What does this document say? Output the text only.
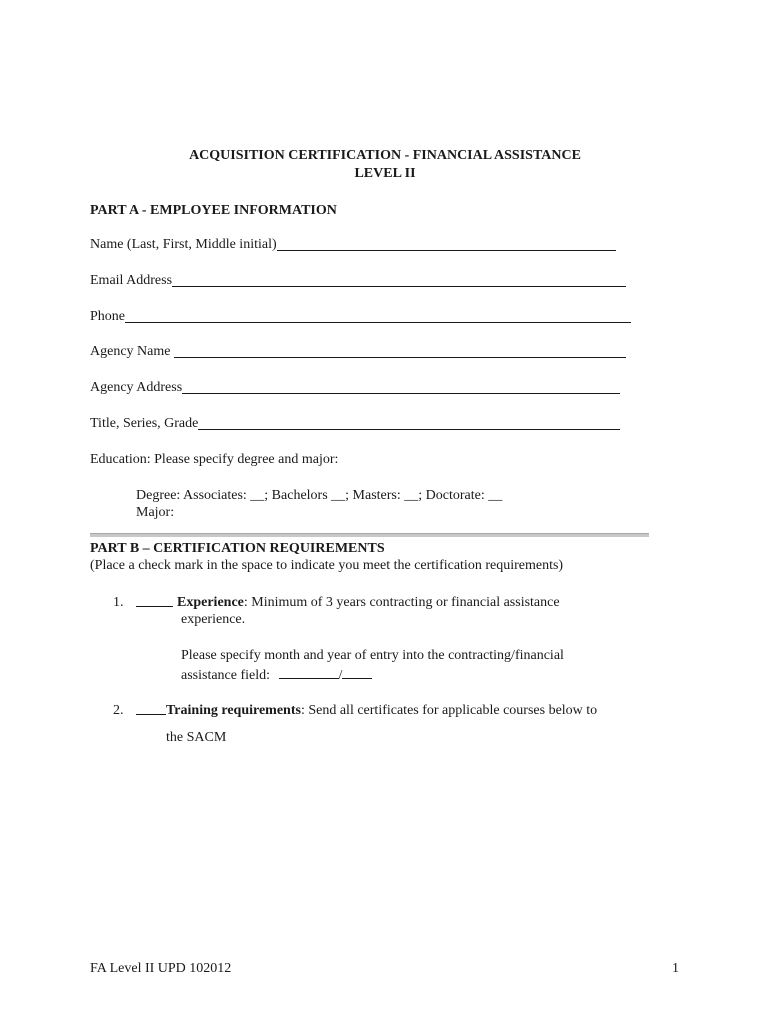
ACQUISITION CERTIFICATION - FINANCIAL ASSISTANCE
LEVEL II
PART A - EMPLOYEE INFORMATION
Name (Last, First, Middle initial)
Email Address
Phone
Agency Name
Agency Address
Title, Series, Grade
Education: Please specify degree and major:
Degree: Associates: __; Bachelors __; Masters: __; Doctorate: __
Major:
PART B – CERTIFICATION REQUIREMENTS
(Place a check mark in the space to indicate you meet the certification requirements)
1.	Experience: Minimum of 3 years contracting or financial assistance
experience.
Please specify month and year of entry into the contracting/financial
assistance field:	/
2.	Training requirements: Send all certificates for applicable courses below to
the SACM
FA Level II UPD 102012	1
